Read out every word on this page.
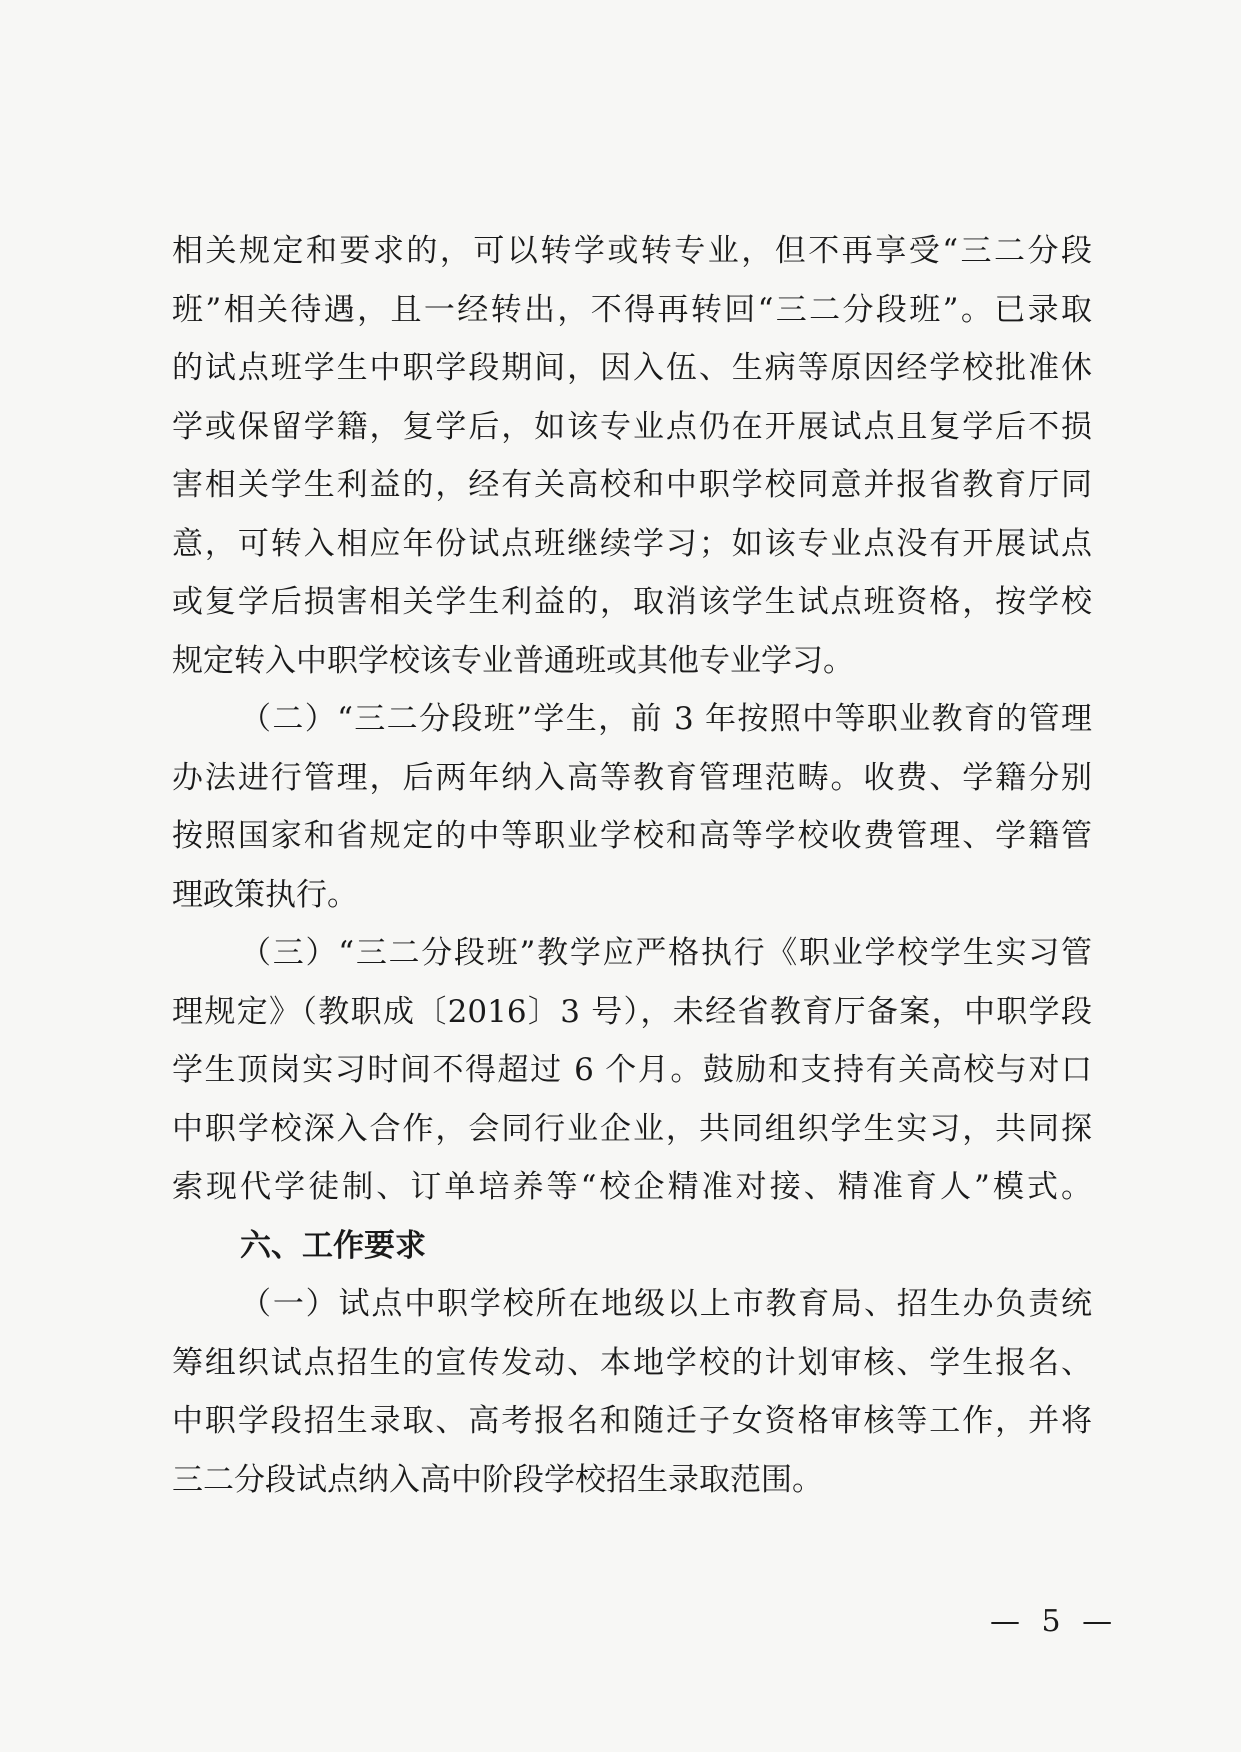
相关规定和要求的，可以转学或转专业，但不再享受“三二分段
班”相关待遇，且一经转出，不得再转回“三二分段班”。已录取
的试点班学生中职学段期间，因入伍、生病等原因经学校批准休
学或保留学籍，复学后，如该专业点仍在开展试点且复学后不损
害相关学生利益的，经有关高校和中职学校同意并报省教育厅同
意，可转入相应年份试点班继续学习；如该专业点没有开展试点
或复学后损害相关学生利益的，取消该学生试点班资格，按学校
规定转入中职学校该专业普通班或其他专业学习。
（二）“三二分段班”学生，前 3 年按照中等职业教育的管理
办法进行管理，后两年纳入高等教育管理范畴。收费、学籍分别
按照国家和省规定的中等职业学校和高等学校收费管理、学籍管
理政策执行。
（三）“三二分段班”教学应严格执行《职业学校学生实习管
理规定》（教职成〔2016〕3 号），未经省教育厅备案，中职学段
学生顶岗实习时间不得超过 6 个月。鼓励和支持有关高校与对口
中职学校深入合作，会同行业企业，共同组织学生实习，共同探
索现代学徒制、订单培养等“校企精准对接、精准育人”模式。
六、工作要求
（一）试点中职学校所在地级以上市教育局、招生办负责统
筹组织试点招生的宣传发动、本地学校的计划审核、学生报名、
中职学段招生录取、高考报名和随迁子女资格审核等工作，并将
三二分段试点纳入高中阶段学校招生录取范围。
— 5 —
